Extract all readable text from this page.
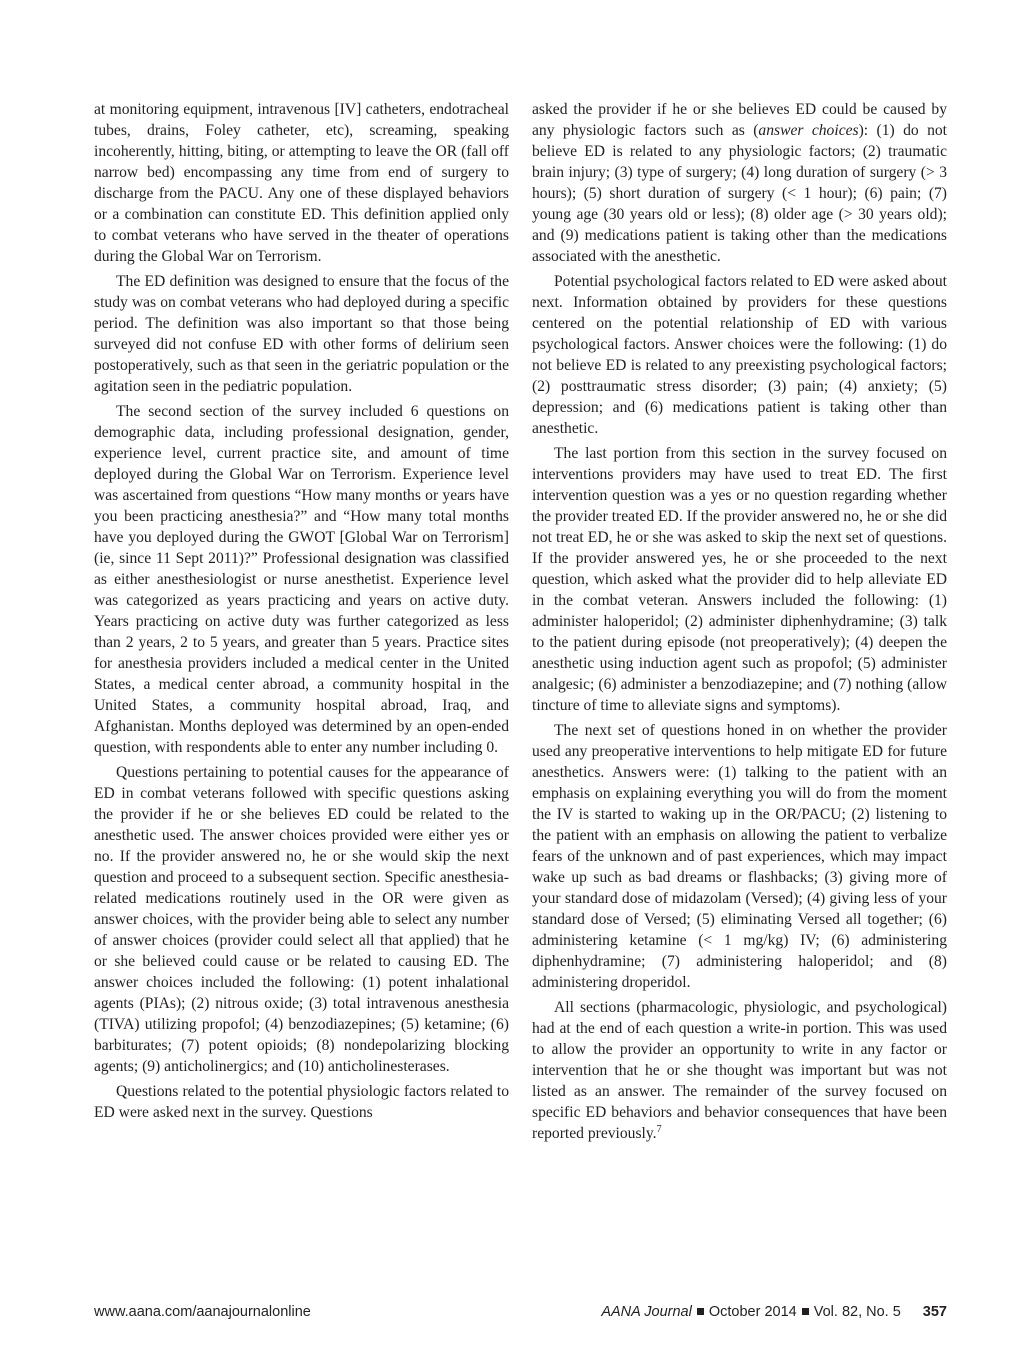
at monitoring equipment, intravenous [IV] catheters, endotracheal tubes, drains, Foley catheter, etc), screaming, speaking incoherently, hitting, biting, or attempting to leave the OR (fall off narrow bed) encompassing any time from end of surgery to discharge from the PACU. Any one of these displayed behaviors or a combination can constitute ED. This definition applied only to combat veterans who have served in the theater of operations during the Global War on Terrorism.

The ED definition was designed to ensure that the focus of the study was on combat veterans who had deployed during a specific period. The definition was also important so that those being surveyed did not confuse ED with other forms of delirium seen postoperatively, such as that seen in the geriatric population or the agitation seen in the pediatric population.

The second section of the survey included 6 questions on demographic data, including professional designation, gender, experience level, current practice site, and amount of time deployed during the Global War on Terrorism. Experience level was ascertained from questions “How many months or years have you been practicing anesthesia?” and “How many total months have you deployed during the GWOT [Global War on Terrorism] (ie, since 11 Sept 2011)?” Professional designation was classified as either anesthesiologist or nurse anesthetist. Experience level was categorized as years practicing and years on active duty. Years practicing on active duty was further categorized as less than 2 years, 2 to 5 years, and greater than 5 years. Practice sites for anesthesia providers included a medical center in the United States, a medical center abroad, a community hospital in the United States, a community hospital abroad, Iraq, and Afghanistan. Months deployed was determined by an open-ended question, with respondents able to enter any number including 0.

Questions pertaining to potential causes for the appearance of ED in combat veterans followed with specific questions asking the provider if he or she believes ED could be related to the anesthetic used. The answer choices provided were either yes or no. If the provider answered no, he or she would skip the next question and proceed to a subsequent section. Specific anesthesia-related medications routinely used in the OR were given as answer choices, with the provider being able to select any number of answer choices (provider could select all that applied) that he or she believed could cause or be related to causing ED. The answer choices included the following: (1) potent inhalational agents (PIAs); (2) nitrous oxide; (3) total intravenous anesthesia (TIVA) utilizing propofol; (4) benzodiazepines; (5) ketamine; (6) barbiturates; (7) potent opioids; (8) nondepolarizing blocking agents; (9) anticholinergics; and (10) anticholinesterases.

Questions related to the potential physiologic factors related to ED were asked next in the survey. Questions

asked the provider if he or she believes ED could be caused by any physiologic factors such as (answer choices): (1) do not believe ED is related to any physiologic factors; (2) traumatic brain injury; (3) type of surgery; (4) long duration of surgery (> 3 hours); (5) short duration of surgery (< 1 hour); (6) pain; (7) young age (30 years old or less); (8) older age (> 30 years old); and (9) medications patient is taking other than the medications associated with the anesthetic.

Potential psychological factors related to ED were asked about next. Information obtained by providers for these questions centered on the potential relationship of ED with various psychological factors. Answer choices were the following: (1) do not believe ED is related to any preexisting psychological factors; (2) posttraumatic stress disorder; (3) pain; (4) anxiety; (5) depression; and (6) medications patient is taking other than anesthetic.

The last portion from this section in the survey focused on interventions providers may have used to treat ED. The first intervention question was a yes or no question regarding whether the provider treated ED. If the provider answered no, he or she did not treat ED, he or she was asked to skip the next set of questions. If the provider answered yes, he or she proceeded to the next question, which asked what the provider did to help alleviate ED in the combat veteran. Answers included the following: (1) administer haloperidol; (2) administer diphenhydramine; (3) talk to the patient during episode (not preoperatively); (4) deepen the anesthetic using induction agent such as propofol; (5) administer analgesic; (6) administer a benzodiazepine; and (7) nothing (allow tincture of time to alleviate signs and symptoms).

The next set of questions honed in on whether the provider used any preoperative interventions to help mitigate ED for future anesthetics. Answers were: (1) talking to the patient with an emphasis on explaining everything you will do from the moment the IV is started to waking up in the OR/PACU; (2) listening to the patient with an emphasis on allowing the patient to verbalize fears of the unknown and of past experiences, which may impact wake up such as bad dreams or flashbacks; (3) giving more of your standard dose of midazolam (Versed); (4) giving less of your standard dose of Versed; (5) eliminating Versed all together; (6) administering ketamine (< 1 mg/kg) IV; (6) administering diphenhydramine; (7) administering haloperidol; and (8) administering droperidol.

All sections (pharmacologic, physiologic, and psychological) had at the end of each question a write-in portion. This was used to allow the provider an opportunity to write in any factor or intervention that he or she thought was important but was not listed as an answer. The remainder of the survey focused on specific ED behaviors and behavior consequences that have been reported previously.$^7$

www.aana.com/aanajournalonline	AANA Journal October 2014 Vol. 82, No. 5 357
